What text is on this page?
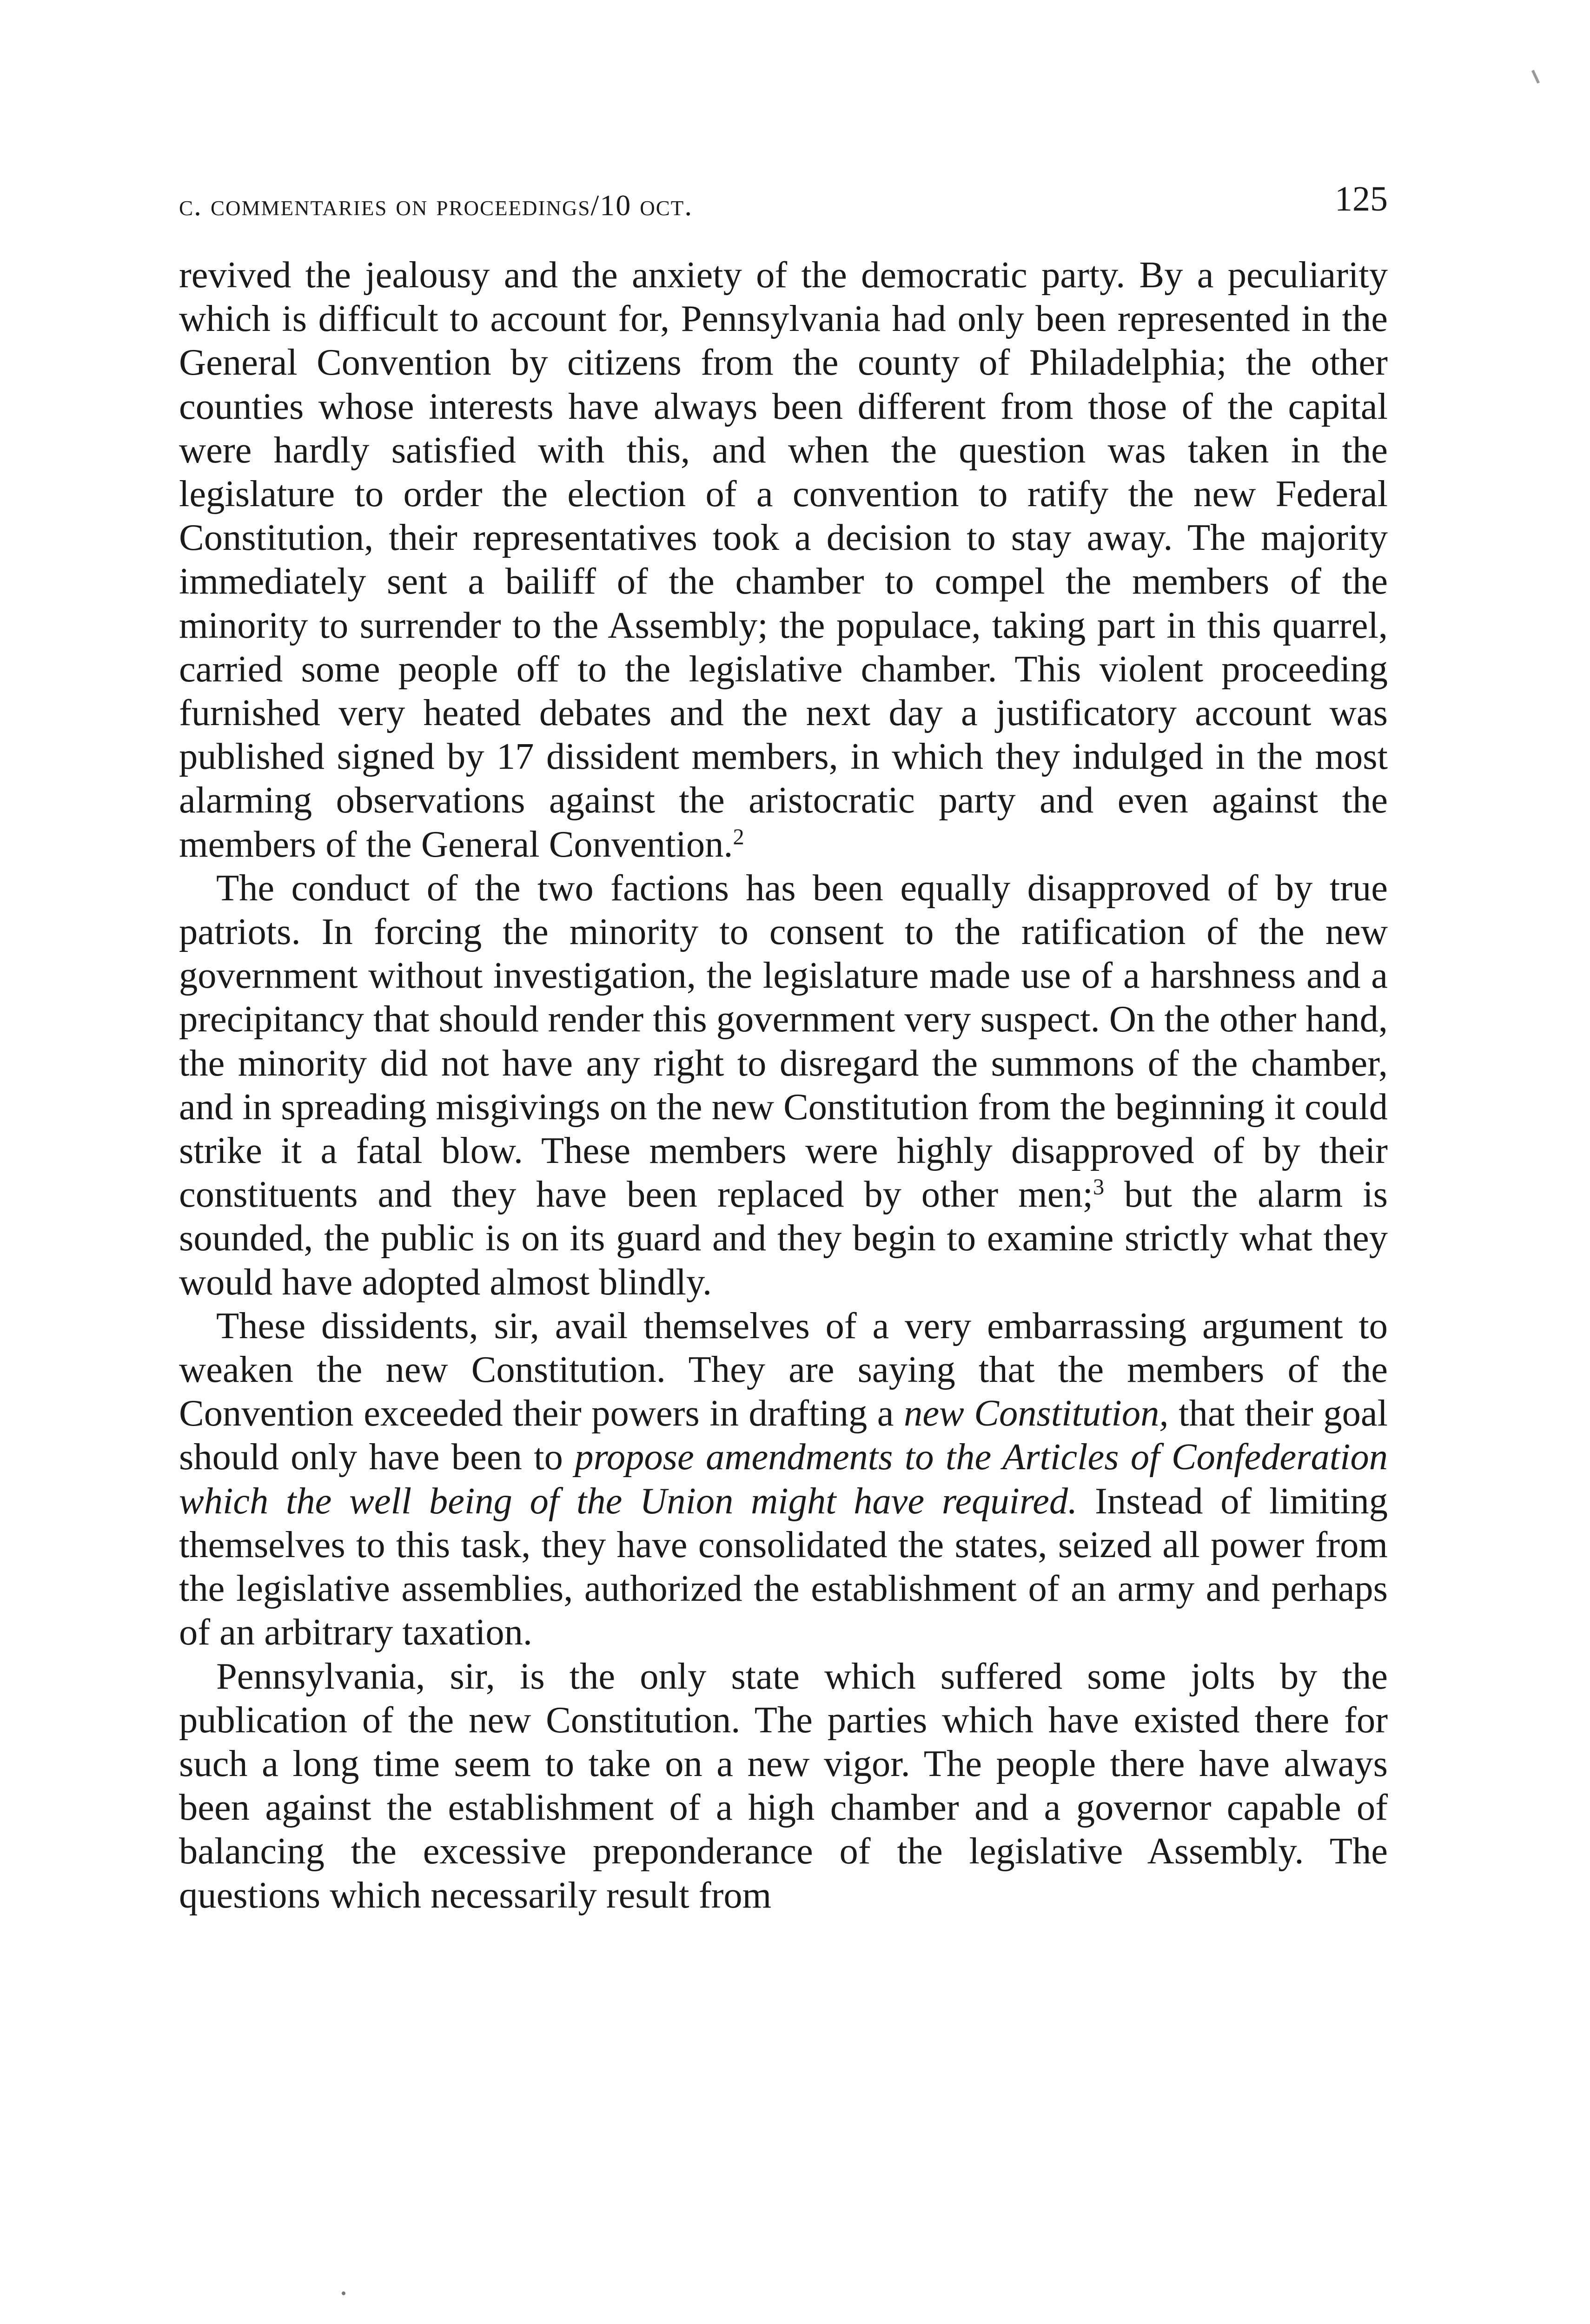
c. commentaries on proceedings/10 oct.	125

revived the jealousy and the anxiety of the democratic party. By a peculiarity which is difficult to account for, Pennsylvania had only been represented in the General Convention by citizens from the county of Philadelphia; the other counties whose interests have always been different from those of the capital were hardly satisfied with this, and when the question was taken in the legislature to order the election of a convention to ratify the new Federal Constitution, their representatives took a decision to stay away. The majority immediately sent a bailiff of the chamber to compel the members of the minority to surrender to the Assembly; the populace, taking part in this quarrel, carried some people off to the legislative chamber. This violent proceeding furnished very heated debates and the next day a justificatory account was published signed by 17 dissident members, in which they indulged in the most alarming observations against the aristocratic party and even against the members of the General Convention.$^2$

The conduct of the two factions has been equally disapproved of by true patriots. In forcing the minority to consent to the ratification of the new government without investigation, the legislature made use of a harshness and a precipitancy that should render this government very suspect. On the other hand, the minority did not have any right to disregard the summons of the chamber, and in spreading misgivings on the new Constitution from the beginning it could strike it a fatal blow. These members were highly disapproved of by their constituents and they have been replaced by other men;$^3$ but the alarm is sounded, the public is on its guard and they begin to examine strictly what they would have adopted almost blindly.

These dissidents, sir, avail themselves of a very embarrassing argument to weaken the new Constitution. They are saying that the members of the Convention exceeded their powers in drafting a new Constitution, that their goal should only have been to propose amendments to the Articles of Confederation which the well being of the Union might have required. Instead of limiting themselves to this task, they have consolidated the states, seized all power from the legislative assemblies, authorized the establishment of an army and perhaps of an arbitrary taxation.

Pennsylvania, sir, is the only state which suffered some jolts by the publication of the new Constitution. The parties which have existed there for such a long time seem to take on a new vigor. The people there have always been against the establishment of a high chamber and a governor capable of balancing the excessive preponderance of the legislative Assembly. The questions which necessarily result from
